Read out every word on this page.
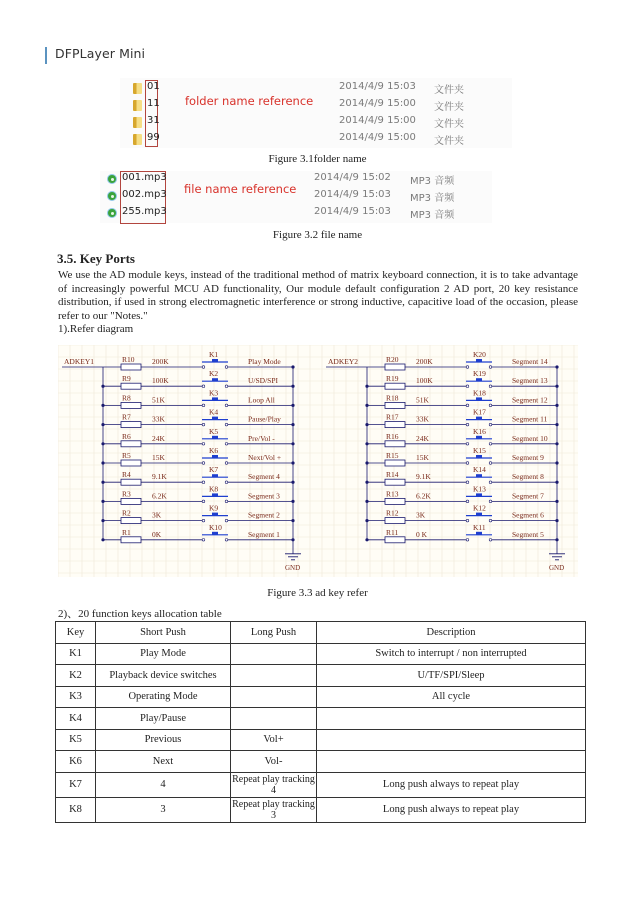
DFPLayer Mini
folder name reference
01	2014/4/9 15:03 文件夹
11	2014/4/9 15:00 文件夹
31	2014/4/9 15:00 文件夹
99	2014/4/9 15:00 文件夹
Figure 3.1folder name
file name reference
001.mp3	2014/4/9 15:02 MP3 音频
002.mp3	2014/4/9 15:03 MP3 音频
255.mp3	2014/4/9 15:03 MP3 音频
Figure 3.2 file name
3.5. Key Ports
We use the AD module keys, instead of the traditional method of matrix keyboard connection, it is to take advantage of increasingly powerful MCU AD functionality, Our module default configuration 2 AD port, 20 key resistance distribution, if used in strong electromagnetic interference or strong inductive, capacitive load of the occasion, please refer to our "Notes."
1).Refer diagram
ADKEY1	R10 200K
K1
Play Mode
R9	100K
K2
U/SD/SPI
R8	51K
K3
Loop All
R7	33K
K4
Pause/Play
R6	24K
K5
Pre/Vol -
R5	15K
K6
Next/Vol +
R4	9.1K
K7
Segment 4
R3	6.2K
K8
Segment 3
R2	3K
K9
Segment 2
R1	0K
K10
Segment 1
GND
ADKEY2	R20 200K
K20
Segment 14
R19 100K
K19
Segment 13
R18 51K
K18
Segment 12
R17 33K
K17
Segment 11
R16 24K
K16
Segment 10
R15 15K
K15
Segment 9
R14 9.1K
K14
Segment 8
R13 6.2K
K13
Segment 7
R12 3K
K12
Segment 6
R11 0 K
K11
Segment 5
GND
Figure 3.3 ad key refer
2)、20 function keys allocation table
Key	Short Push	Long Push	Description
K1	Play Mode		Switch to interrupt / non interrupted
K2	Playback device switches		U/TF/SPI/Sleep
K3	Operating Mode		All cycle
K4	Play/Pause		
K5	Previous	Vol+	
K6	Next	Vol-	
K7	4	Repeat play tracking 4	Long push always to repeat play
K8	3	Repeat play tracking 3	Long push always to repeat play
